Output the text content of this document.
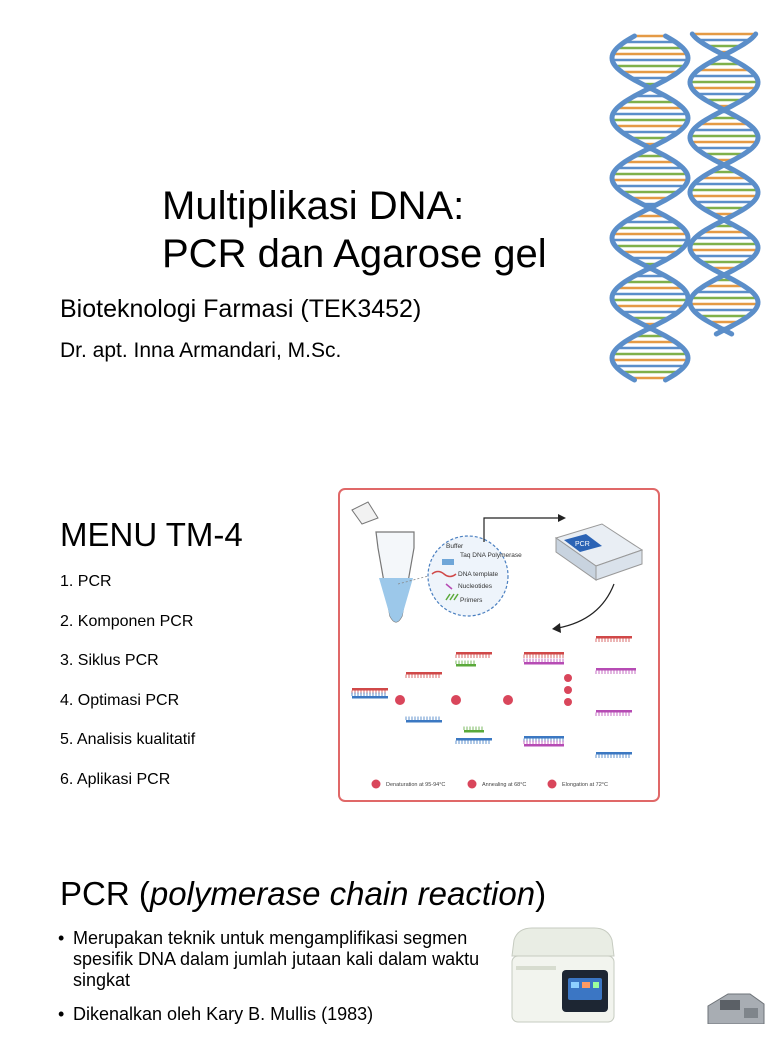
Multiplikasi DNA:
PCR dan Agarose gel
Bioteknologi Farmasi (TEK3452)
Dr. apt. Inna Armandari, M.Sc.
MENU TM-4
1. PCR
2. Komponen PCR
3. Siklus PCR
4. Optimasi PCR
5. Analisis kualitatif
6. Aplikasi PCR
Buffer
Taq DNA Polymerase
DNA template
Nucleotides
Primers
PCR
Denaturation at 95-94°C	Annealing at 68°C	Elongation at 72°C
PCR (polymerase chain reaction)
• Merupakan teknik untuk mengamplifikasi segmen spesifik DNA dalam jumlah jutaan kali dalam waktu singkat
• Dikenalkan oleh Kary B. Mullis (1983)
